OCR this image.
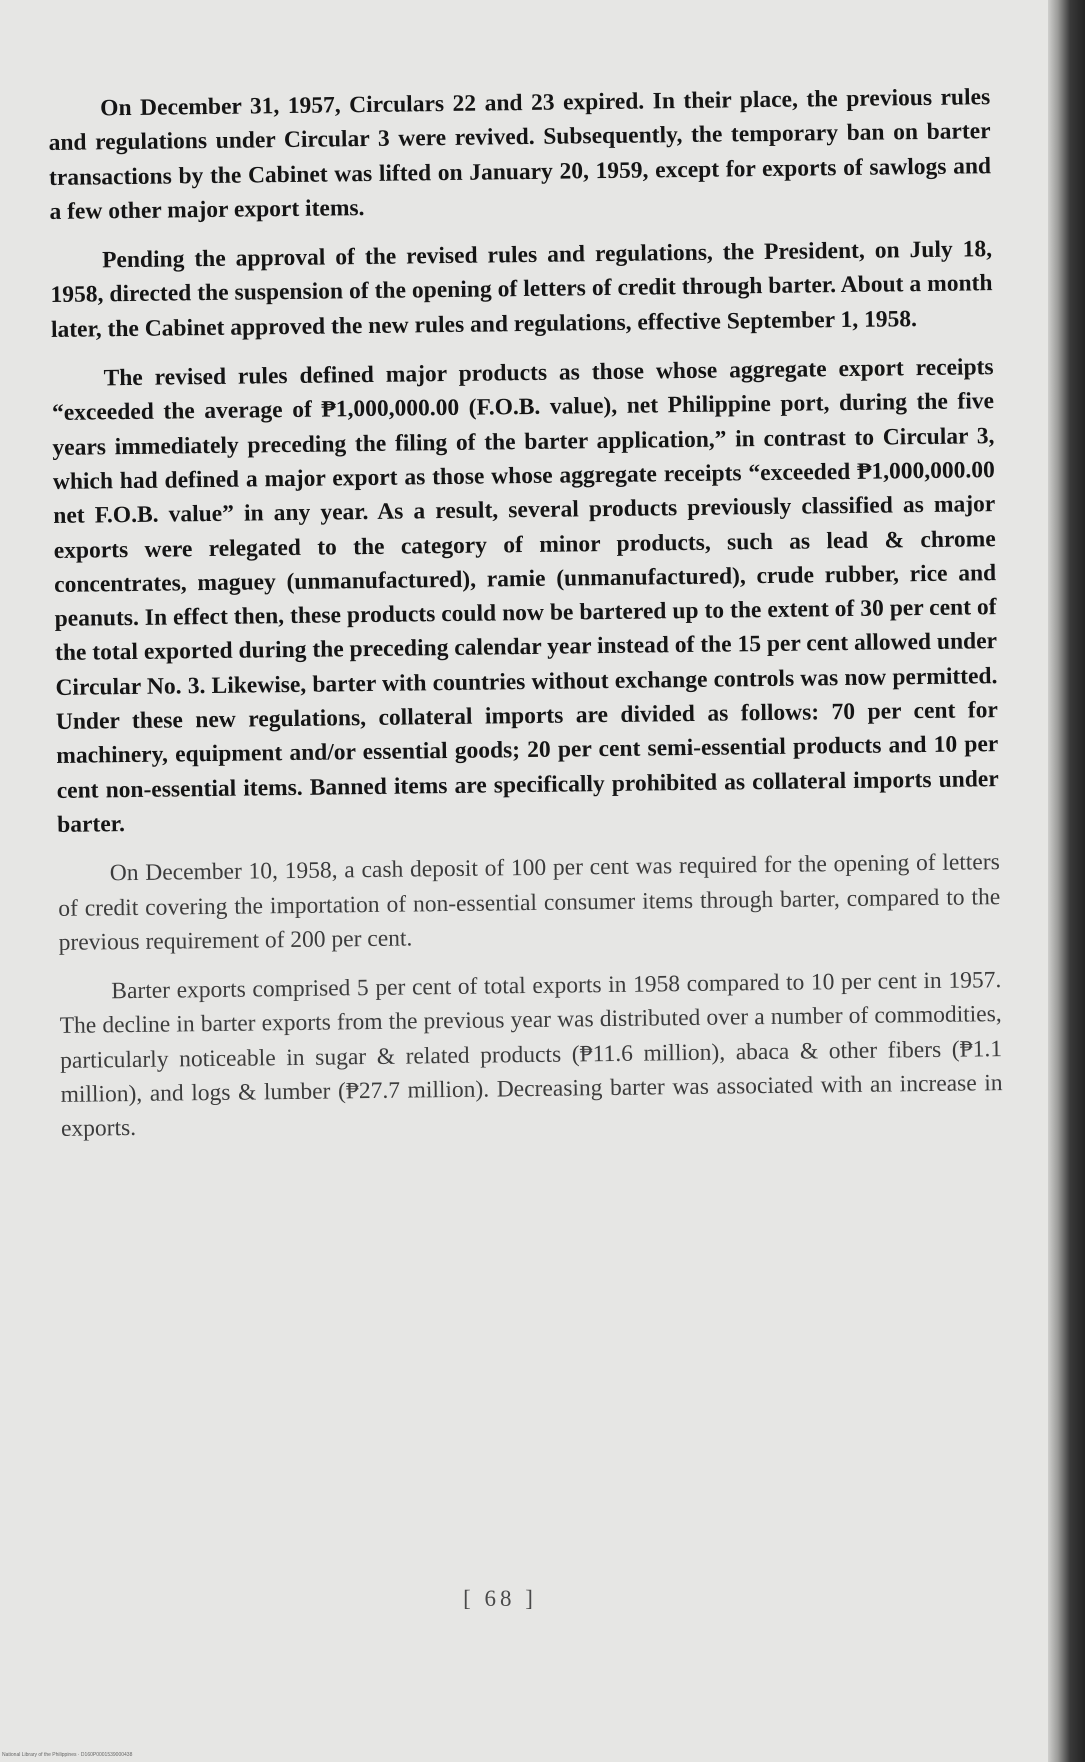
On December 31, 1957, Circulars 22 and 23 expired. In their place, the previous rules and regulations under Circular 3 were revived. Subsequently, the temporary ban on barter transactions by the Cabinet was lifted on January 20, 1959, except for exports of sawlogs and a few other major export items.

Pending the approval of the revised rules and regulations, the President, on July 18, 1958, directed the suspension of the opening of letters of credit through barter. About a month later, the Cabinet approved the new rules and regulations, effective September 1, 1958.

The revised rules defined major products as those whose aggregate export receipts “exceeded the average of ₱1,000,000.00 (F.O.B. value), net Philippine port, during the five years immediately preceding the filing of the barter application,” in contrast to Circular 3, which had defined a major export as those whose aggregate receipts “exceeded ₱1,000,000.00 net F.O.B. value” in any year. As a result, several products previously classified as major exports were relegated to the category of minor products, such as lead & chrome concentrates, maguey (unmanufactured), ramie (unmanufactured), crude rubber, rice and peanuts. In effect then, these products could now be bartered up to the extent of 30 per cent of the total exported during the preceding calendar year instead of the 15 per cent allowed under Circular No. 3. Likewise, barter with countries without exchange controls was now permitted. Under these new regulations, collateral imports are divided as follows: 70 per cent for machinery, equipment and/or essential goods; 20 per cent semi-essential products and 10 per cent non-essential items. Banned items are specifically prohibited as collateral imports under barter.

On December 10, 1958, a cash deposit of 100 per cent was required for the opening of letters of credit covering the importation of non-essential consumer items through barter, compared to the previous requirement of 200 per cent.

Barter exports comprised 5 per cent of total exports in 1958 compared to 10 per cent in 1957. The decline in barter exports from the previous year was distributed over a number of commodities, particularly noticeable in sugar & related products (₱11.6 million), abaca & other fibers (₱1.1 million), and logs & lumber (₱27.7 million). Decreasing barter was associated with an increase in exports.

[ 68 ]
National Library of the Philippines · D160P0001539000438
